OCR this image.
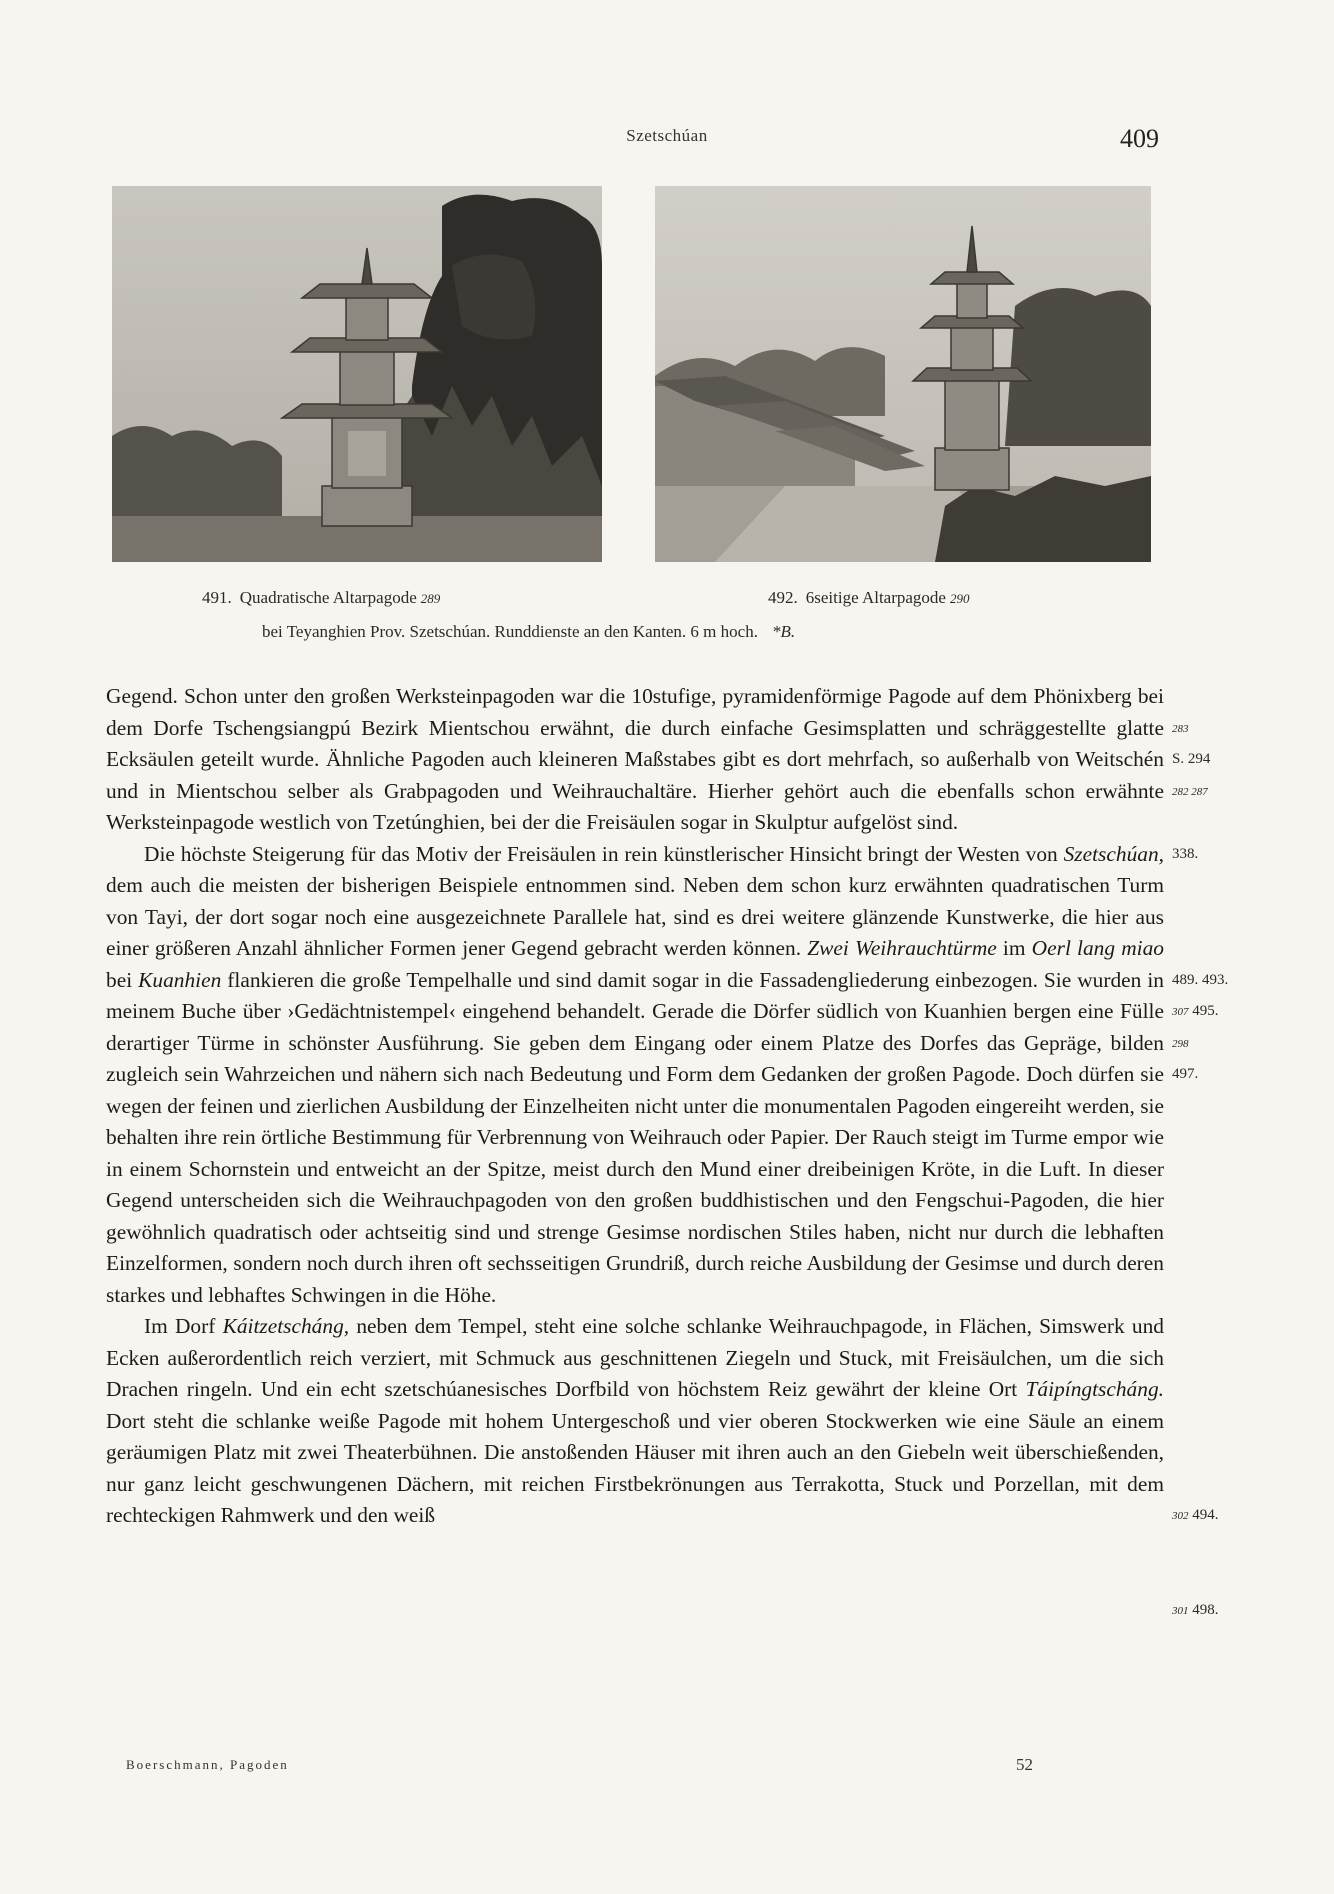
Szetschúan	409
491. Quadratische Altarpagode 289	492. 6seitige Altarpagode 290
bei Teyanghien Prov. Szetschúan. Runddienste an den Kanten. 6 m hoch. *B.

Gegend. Schon unter den großen Werksteinpagoden war die 10stufige, pyramidenförmige Pagode auf dem Phönixberg bei dem Dorfe Tschengsiangpú Bezirk Mientschou erwähnt, die durch einfache Gesimsplatten und schräggestellte glatte Ecksäulen geteilt wurde. Ähnliche Pagoden auch kleineren Maßstabes gibt es dort mehrfach, so außerhalb von Weitschén und in Mientschou selber als Grabpagoden und Weihrauchaltäre. Hierher gehört auch die ebenfalls schon erwähnte Werksteinpagode westlich von Tzetúnghien, bei der die Freisäulen sogar in Skulptur aufgelöst sind.

Die höchste Steigerung für das Motiv der Freisäulen in rein künstlerischer Hinsicht bringt der Westen von Szetschúan, dem auch die meisten der bisherigen Beispiele entnommen sind. Neben dem schon kurz erwähnten quadratischen Turm von Tayi, der dort sogar noch eine ausgezeichnete Parallele hat, sind es drei weitere glänzende Kunstwerke, die hier aus einer größeren Anzahl ähnlicher Formen jener Gegend gebracht werden können. Zwei Weihrauchtürme im Oerl lang miao bei Kuanhien flankieren die große Tempelhalle und sind damit sogar in die Fassadengliederung einbezogen. Sie wurden in meinem Buche über ›Gedächtnistempel‹ eingehend behandelt. Gerade die Dörfer südlich von Kuanhien bergen eine Fülle derartiger Türme in schönster Ausführung. Sie geben dem Eingang oder einem Platze des Dorfes das Gepräge, bilden zugleich sein Wahrzeichen und nähern sich nach Bedeutung und Form dem Gedanken der großen Pagode. Doch dürfen sie wegen der feinen und zierlichen Ausbildung der Einzelheiten nicht unter die monumentalen Pagoden eingereiht werden, sie behalten ihre rein örtliche Bestimmung für Verbrennung von Weihrauch oder Papier. Der Rauch steigt im Turme empor wie in einem Schornstein und entweicht an der Spitze, meist durch den Mund einer dreibeinigen Kröte, in die Luft. In dieser Gegend unterscheiden sich die Weihrauchpagoden von den großen buddhistischen und den Fengschui-Pagoden, die hier gewöhnlich quadratisch oder achtseitig sind und strenge Gesimse nordischen Stiles haben, nicht nur durch die lebhaften Einzelformen, sondern noch durch ihren oft sechsseitigen Grundriß, durch reiche Ausbildung der Gesimse und durch deren starkes und lebhaftes Schwingen in die Höhe.

Im Dorf Káitzetscháng, neben dem Tempel, steht eine solche schlanke Weihrauchpagode, in Flächen, Simswerk und Ecken außerordentlich reich verziert, mit Schmuck aus geschnittenen Ziegeln und Stuck, mit Freisäulchen, um die sich Drachen ringeln. Und ein echt szetschúanesisches Dorfbild von höchstem Reiz gewährt der kleine Ort Táipíngtscháng. Dort steht die schlanke weiße Pagode mit hohem Untergeschoß und vier oberen Stockwerken wie eine Säule an einem geräumigen Platz mit zwei Theaterbühnen. Die anstoßenden Häuser mit ihren auch an den Giebeln weit überschießenden, nur ganz leicht geschwungenen Dächern, mit reichen Firstbekrönungen aus Terrakotta, Stuck und Porzellan, mit dem rechteckigen Rahmwerk und den weiß

283
S. 294
282 287
338.
489. 493.
307 495.
298
497.
302 494.
301 498.
Boerschmann, Pagoden	52
